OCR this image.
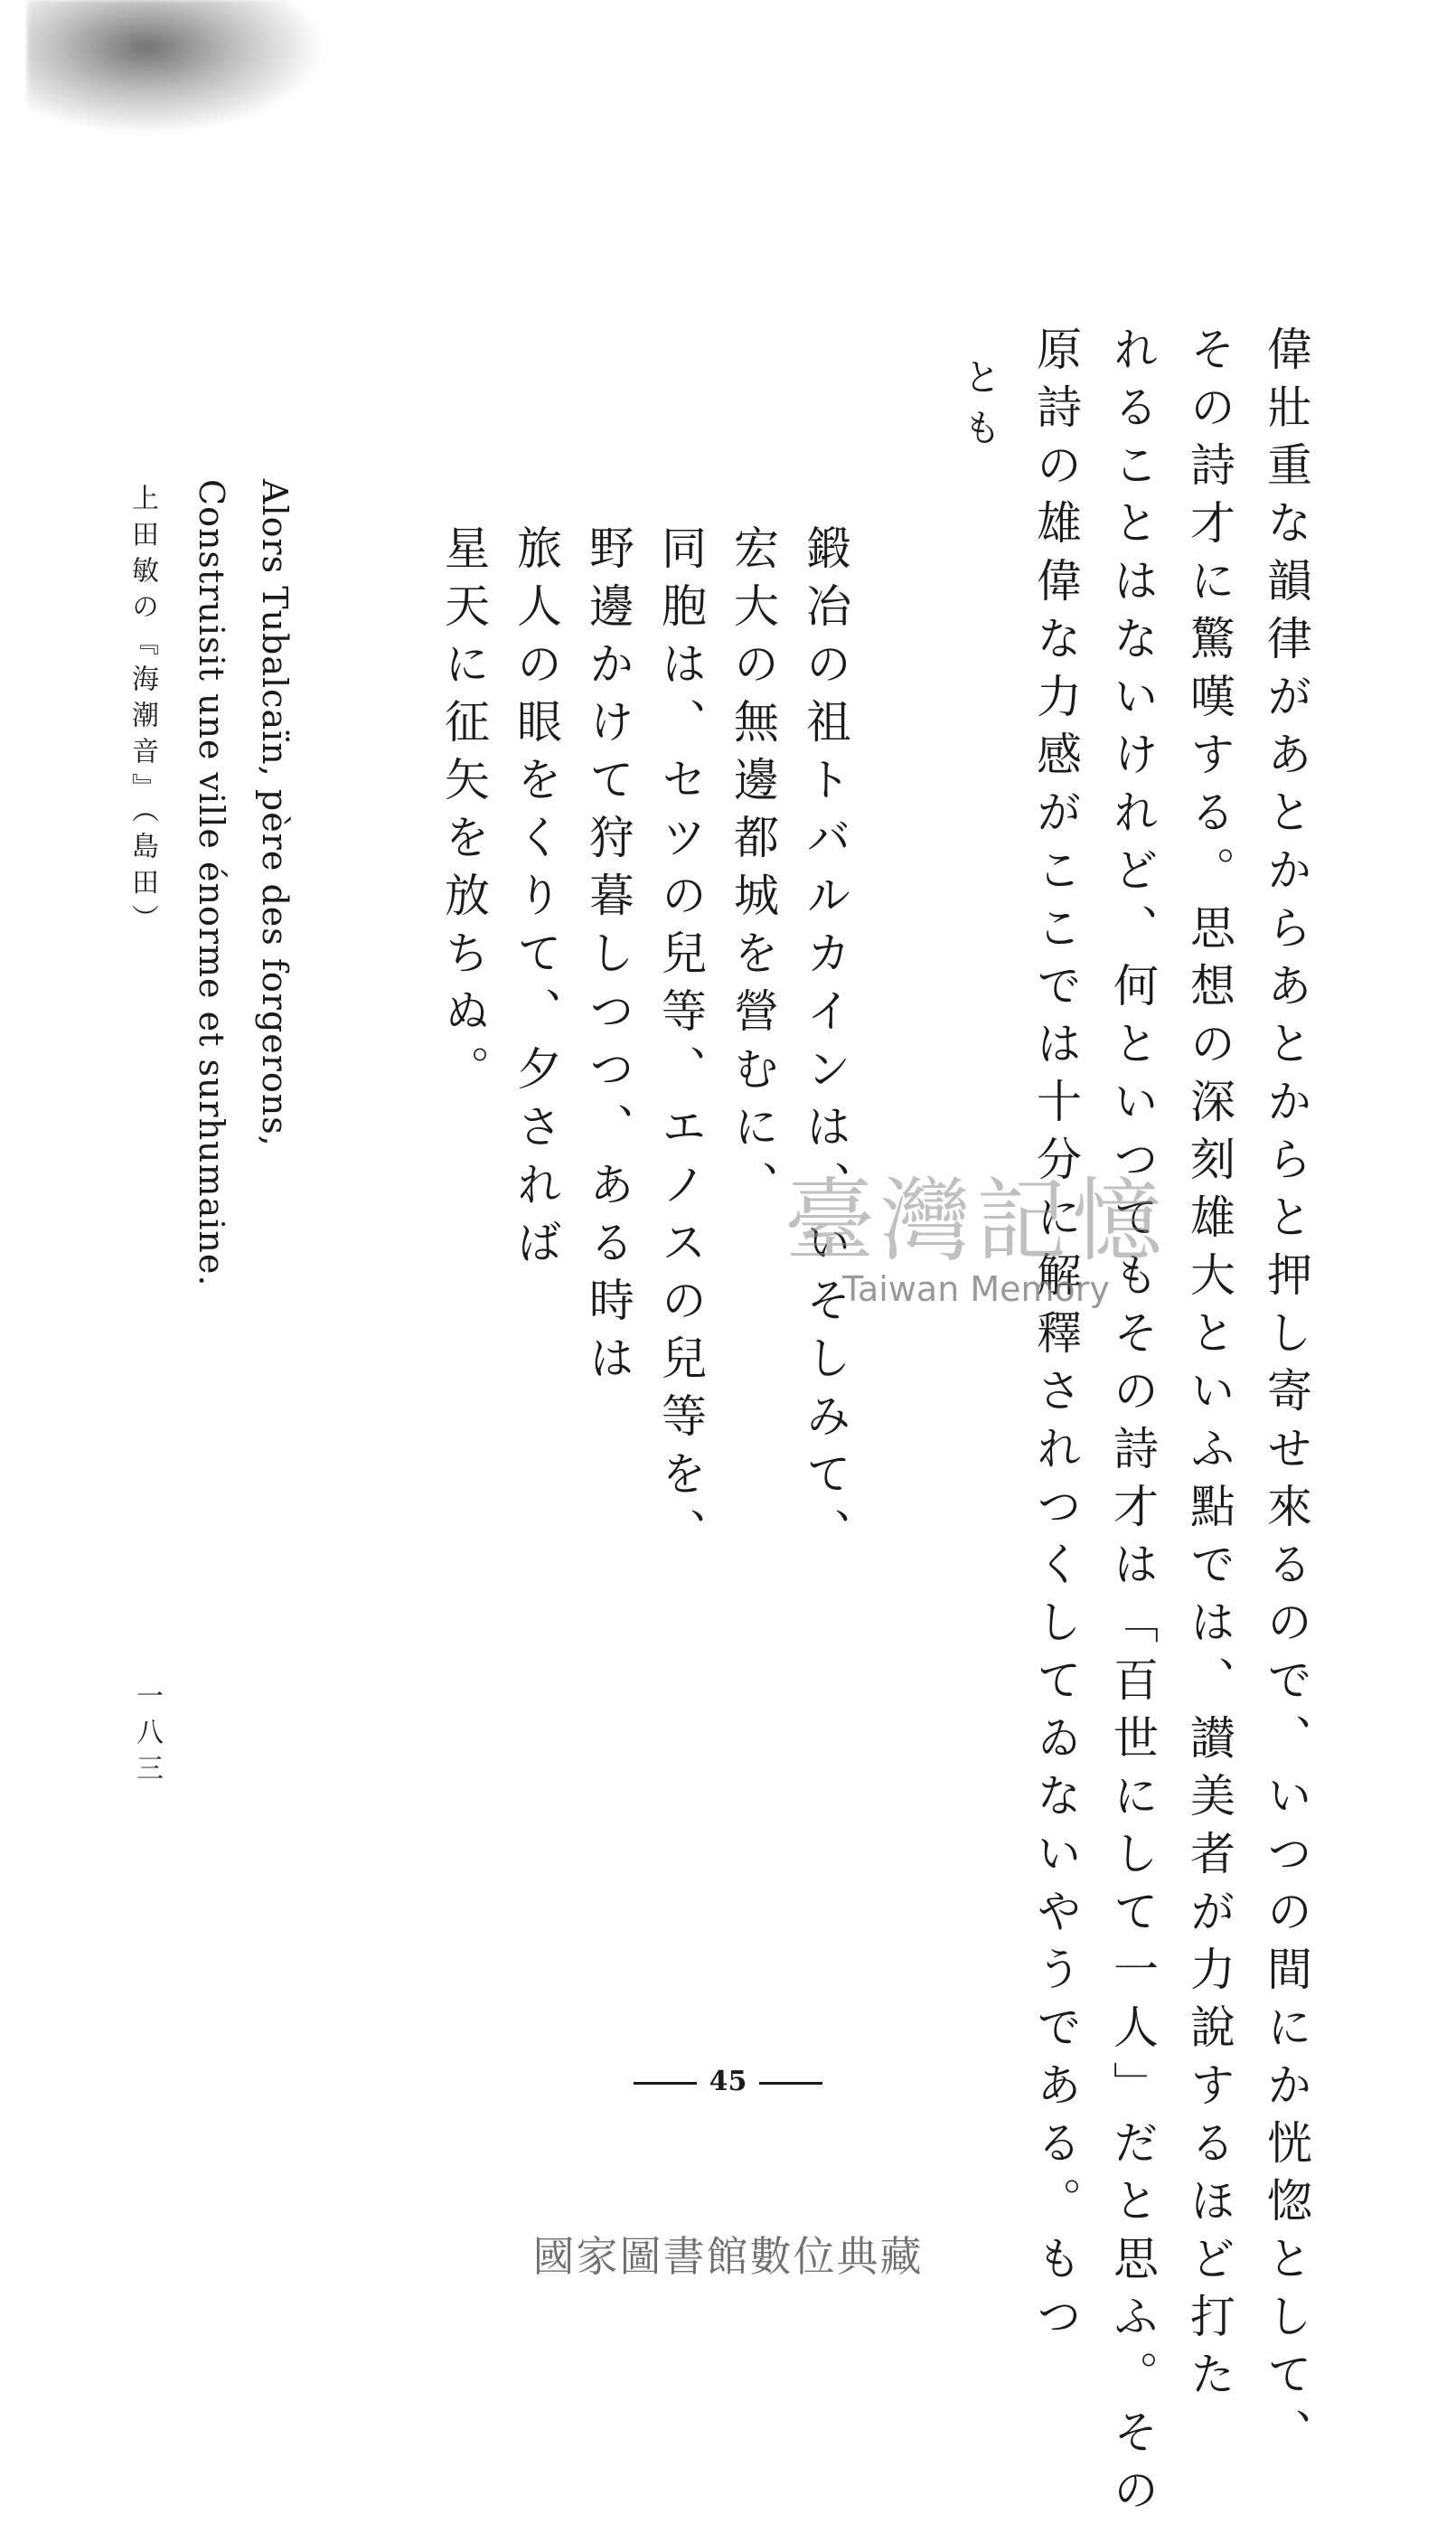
偉壯重な韻律があとからあとからと押し寄せ來るので、いつの間にか恍惚として、
その詩才に驚嘆する。思想の深刻雄大といふ點では、讃美者が力說するほど打た
れることはないけれど、何といつてもその詩才は「百世にして一人」だと思ふ。その
原詩の雄偉な力感がここでは十分に解釋されつくしてゐないやうである。もつ
とも
鍛冶の祖トバルカインは、いそしみて、
宏大の無邊都城を營むに、
同胞は、セツの兒等、エノスの兒等を、
野邊かけて狩暮しつつ、ある時は
旅人の眼をくりて、夕されば
星天に征矢を放ちぬ。
Alors Tubalcaïn, père des forgerons,
Construisit une ville énorme et surhumaine.
上田敏の『海潮音』（島田）
一八三
45
臺灣記憶
Taiwan Memory
國家圖書館數位典藏
